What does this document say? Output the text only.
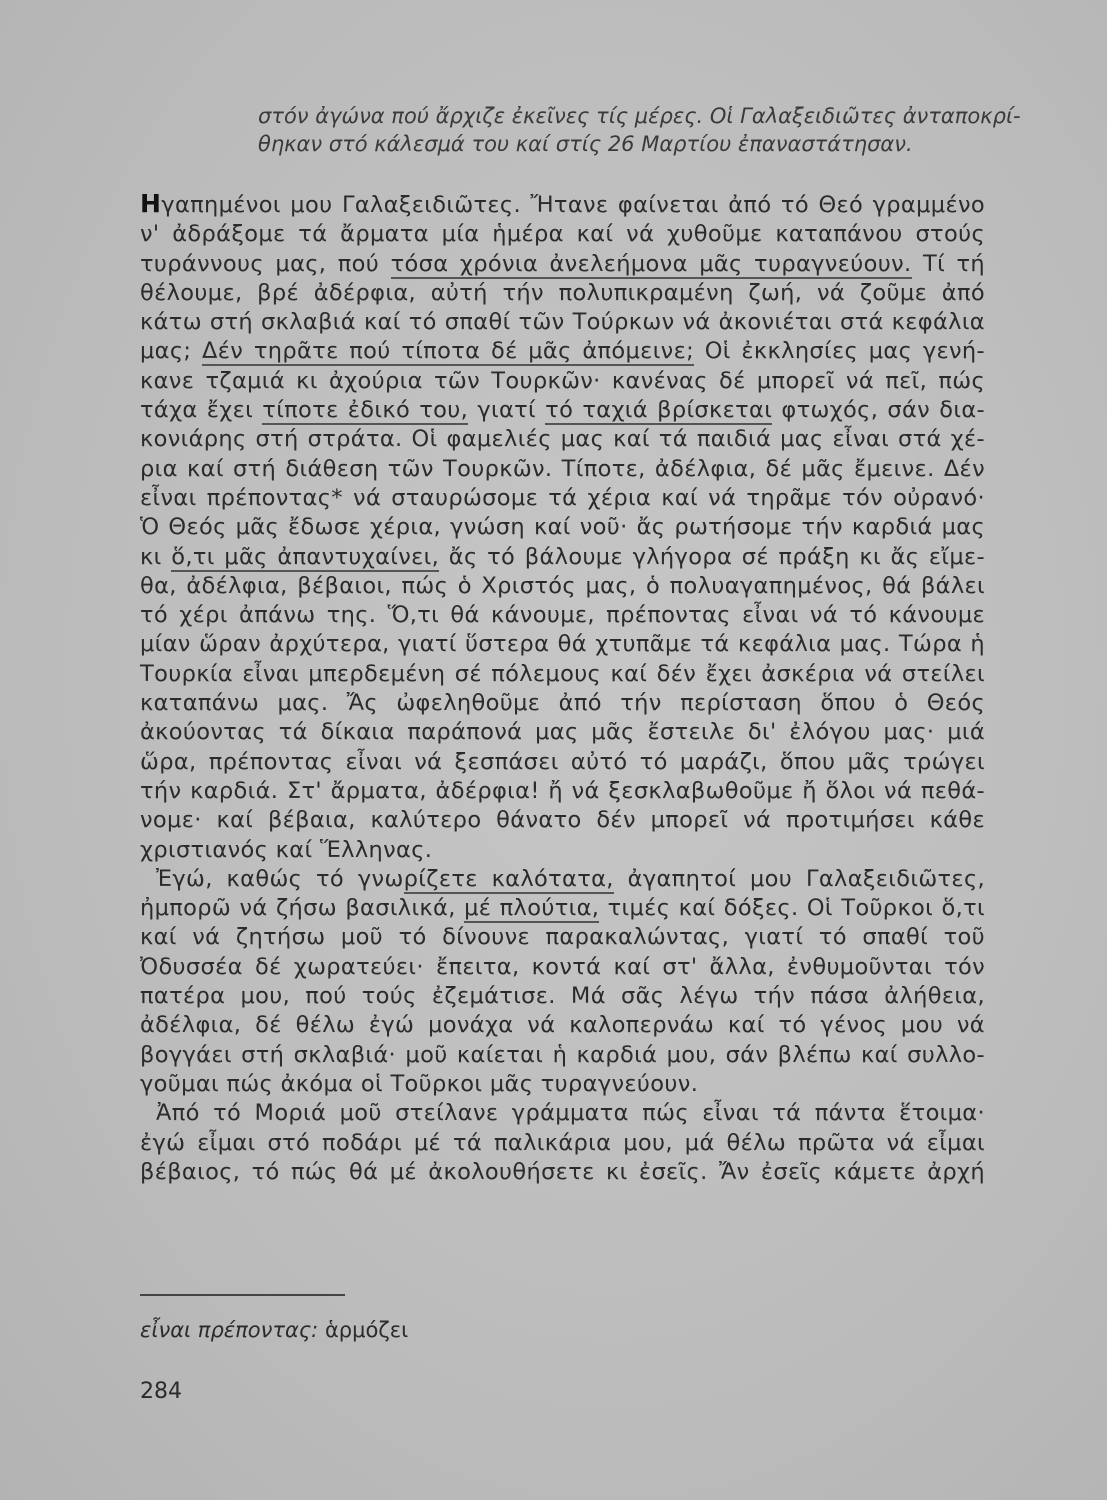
στόν ἀγώνα πού ἄρχιζε ἐκεῖνες τίς μέρες. Οἱ Γαλαξειδιῶτες ἀνταποκρί-
θηκαν στό κάλεσμά του καί στίς 26 Μαρτίου ἐπαναστάτησαν.
Ηγαπημένοι μου Γαλαξειδιῶτες. Ἤτανε φαίνεται ἀπό τό Θεό γραμμένο
ν' ἀδράξομε τά ἄρματα μία ἡμέρα καί νά χυθοῦμε καταπάνου στούς
τυράννους μας, πού τόσα χρόνια ἀνελεήμονα μᾶς τυραγνεύουν. Τί τή
θέλουμε, βρέ ἀδέρφια, αὐτή τήν πολυπικραμένη ζωή, νά ζοῦμε ἀπό
κάτω στή σκλαβιά καί τό σπαθί τῶν Τούρκων νά ἀκονιέται στά κεφάλια
μας; Δέν τηρᾶτε πού τίποτα δέ μᾶς ἀπόμεινε; Οἱ ἐκκλησίες μας γενή-
κανε τζαμιά κι ἀχούρια τῶν Τουρκῶν· κανένας δέ μπορεῖ νά πεῖ, πώς
τάχα ἔχει τίποτε ἐδικό του, γιατί τό ταχιά βρίσκεται φτωχός, σάν δια-
κονιάρης στή στράτα. Οἱ φαμελιές μας καί τά παιδιά μας εἶναι στά χέ-
ρια καί στή διάθεση τῶν Τουρκῶν. Τίποτε, ἀδέλφια, δέ μᾶς ἔμεινε. Δέν
εἶναι πρέποντας* νά σταυρώσομε τά χέρια καί νά τηρᾶμε τόν οὐρανό·
Ὁ Θεός μᾶς ἔδωσε χέρια, γνώση καί νοῦ· ἄς ρωτήσομε τήν καρδιά μας
κι ὅ,τι μᾶς ἀπαντυχαίνει, ἄς τό βάλουμε γλήγορα σέ πράξη κι ἄς εἴμε-
θα, ἀδέλφια, βέβαιοι, πώς ὁ Χριστός μας, ὁ πολυαγαπημένος, θά βάλει
τό χέρι ἀπάνω της. Ὅ,τι θά κάνουμε, πρέποντας εἶναι νά τό κάνουμε
μίαν ὥραν ἀρχύτερα, γιατί ὕστερα θά χτυπᾶμε τά κεφάλια μας. Τώρα ἡ
Τουρκία εἶναι μπερδεμένη σέ πόλεμους καί δέν ἔχει ἀσκέρια νά στείλει
καταπάνω μας. Ἄς ὠφεληθοῦμε ἀπό τήν περίσταση ὅπου ὁ Θεός
ἀκούοντας τά δίκαια παράπονά μας μᾶς ἔστειλε δι' ἐλόγου μας· μιά
ὥρα, πρέποντας εἶναι νά ξεσπάσει αὐτό τό μαράζι, ὅπου μᾶς τρώγει
τήν καρδιά. Στ' ἄρματα, ἀδέρφια! ἤ νά ξεσκλαβωθοῦμε ἤ ὅλοι νά πεθά-
νομε· καί βέβαια, καλύτερο θάνατο δέν μπορεῖ νά προτιμήσει κάθε
χριστιανός καί Ἕλληνας.
Ἐγώ, καθώς τό γνωρίζετε καλότατα, ἀγαπητοί μου Γαλαξειδιῶτες,
ἠμπορῶ νά ζήσω βασιλικά, μέ πλούτια, τιμές καί δόξες. Οἱ Τοῦρκοι ὅ,τι
καί νά ζητήσω μοῦ τό δίνουνε παρακαλώντας, γιατί τό σπαθί τοῦ
Ὀδυσσέα δέ χωρατεύει· ἔπειτα, κοντά καί στ' ἄλλα, ἐνθυμοῦνται τόν
πατέρα μου, πού τούς ἐζεμάτισε. Μά σᾶς λέγω τήν πάσα ἀλήθεια,
ἀδέλφια, δέ θέλω ἐγώ μονάχα νά καλοπερνάω καί τό γένος μου νά
βογγάει στή σκλαβιά· μοῦ καίεται ἡ καρδιά μου, σάν βλέπω καί συλλο-
γοῦμαι πώς ἀκόμα οἱ Τοῦρκοι μᾶς τυραγνεύουν.
Ἀπό τό Μοριά μοῦ στείλανε γράμματα πώς εἶναι τά πάντα ἕτοιμα·
ἐγώ εἶμαι στό ποδάρι μέ τά παλικάρια μου, μά θέλω πρῶτα νά εἶμαι
βέβαιος, τό πώς θά μέ ἀκολουθήσετε κι ἐσεῖς. Ἄν ἐσεῖς κάμετε ἀρχή
εἶναι πρέποντας: ἁρμόζει
284
